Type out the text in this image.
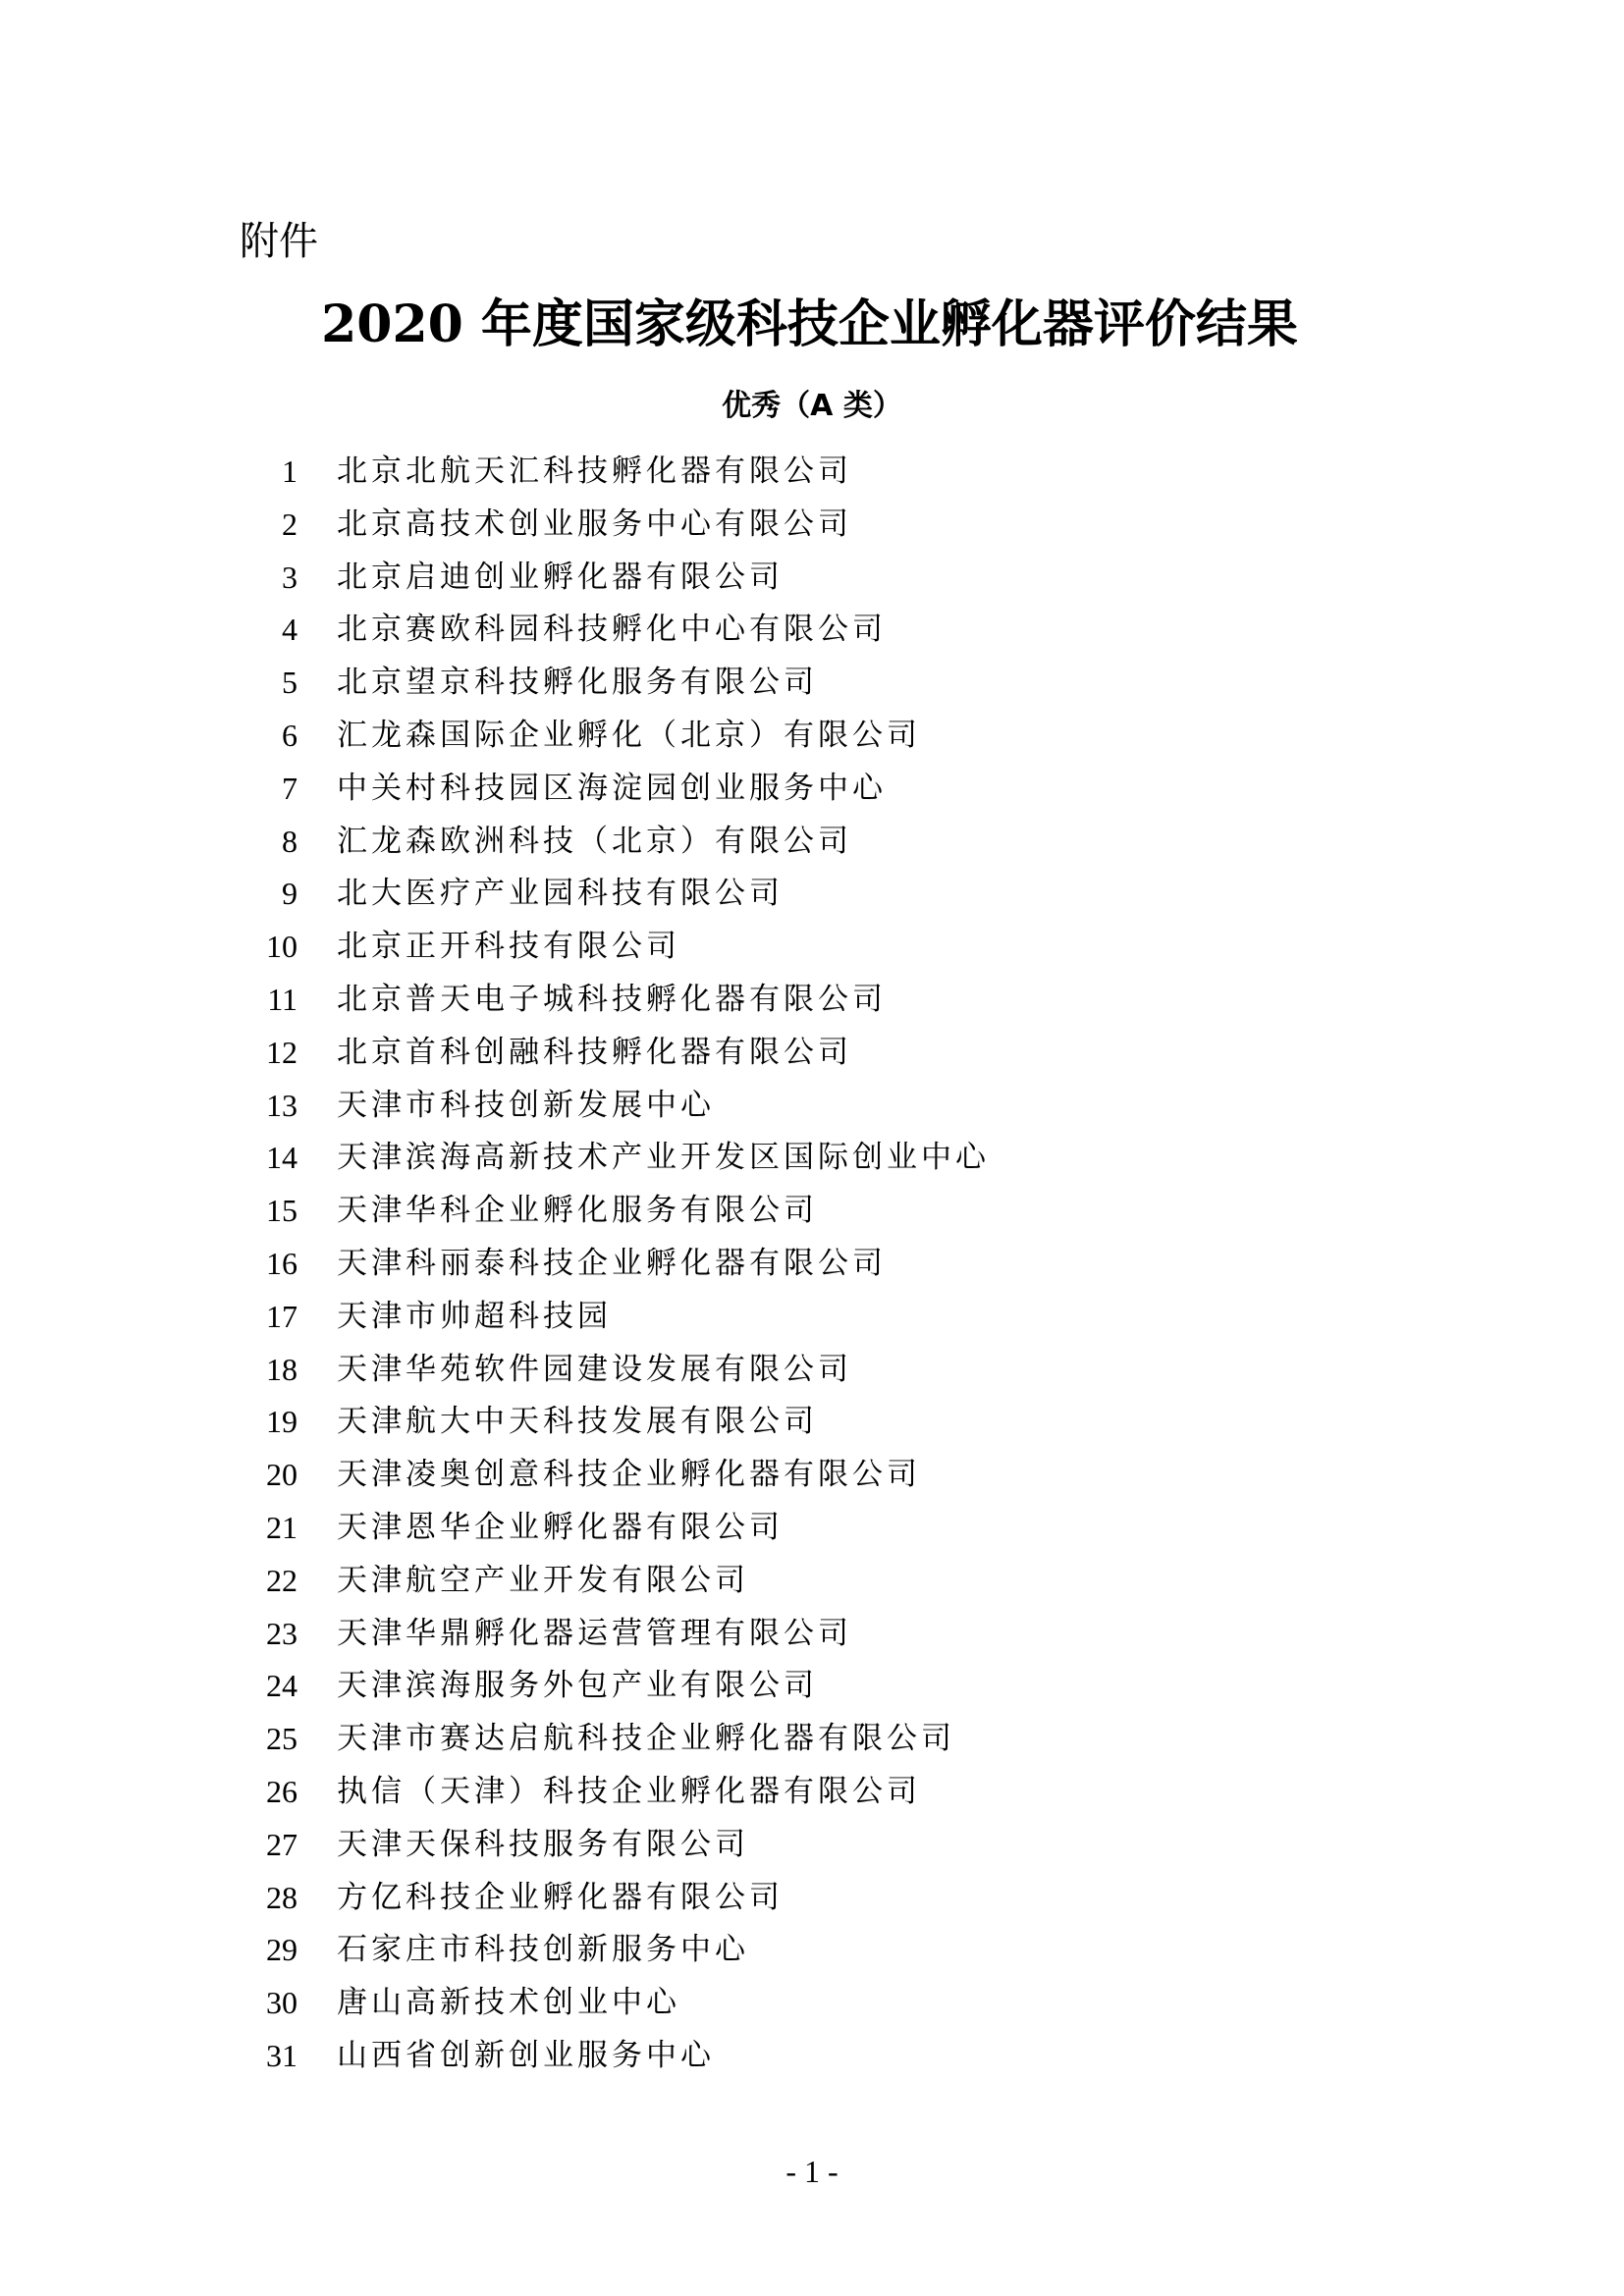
附件
2020 年度国家级科技企业孵化器评价结果
优秀（A 类）
1 北京北航天汇科技孵化器有限公司
2 北京高技术创业服务中心有限公司
3 北京启迪创业孵化器有限公司
4 北京赛欧科园科技孵化中心有限公司
5 北京望京科技孵化服务有限公司
6 汇龙森国际企业孵化（北京）有限公司
7 中关村科技园区海淀园创业服务中心
8 汇龙森欧洲科技（北京）有限公司
9 北大医疗产业园科技有限公司
10 北京正开科技有限公司
11 北京普天电子城科技孵化器有限公司
12 北京首科创融科技孵化器有限公司
13 天津市科技创新发展中心
14 天津滨海高新技术产业开发区国际创业中心
15 天津华科企业孵化服务有限公司
16 天津科丽泰科技企业孵化器有限公司
17 天津市帅超科技园
18 天津华苑软件园建设发展有限公司
19 天津航大中天科技发展有限公司
20 天津凌奥创意科技企业孵化器有限公司
21 天津恩华企业孵化器有限公司
22 天津航空产业开发有限公司
23 天津华鼎孵化器运营管理有限公司
24 天津滨海服务外包产业有限公司
25 天津市赛达启航科技企业孵化器有限公司
26 执信（天津）科技企业孵化器有限公司
27 天津天保科技服务有限公司
28 方亿科技企业孵化器有限公司
29 石家庄市科技创新服务中心
30 唐山高新技术创业中心
31 山西省创新创业服务中心
- 1 -
